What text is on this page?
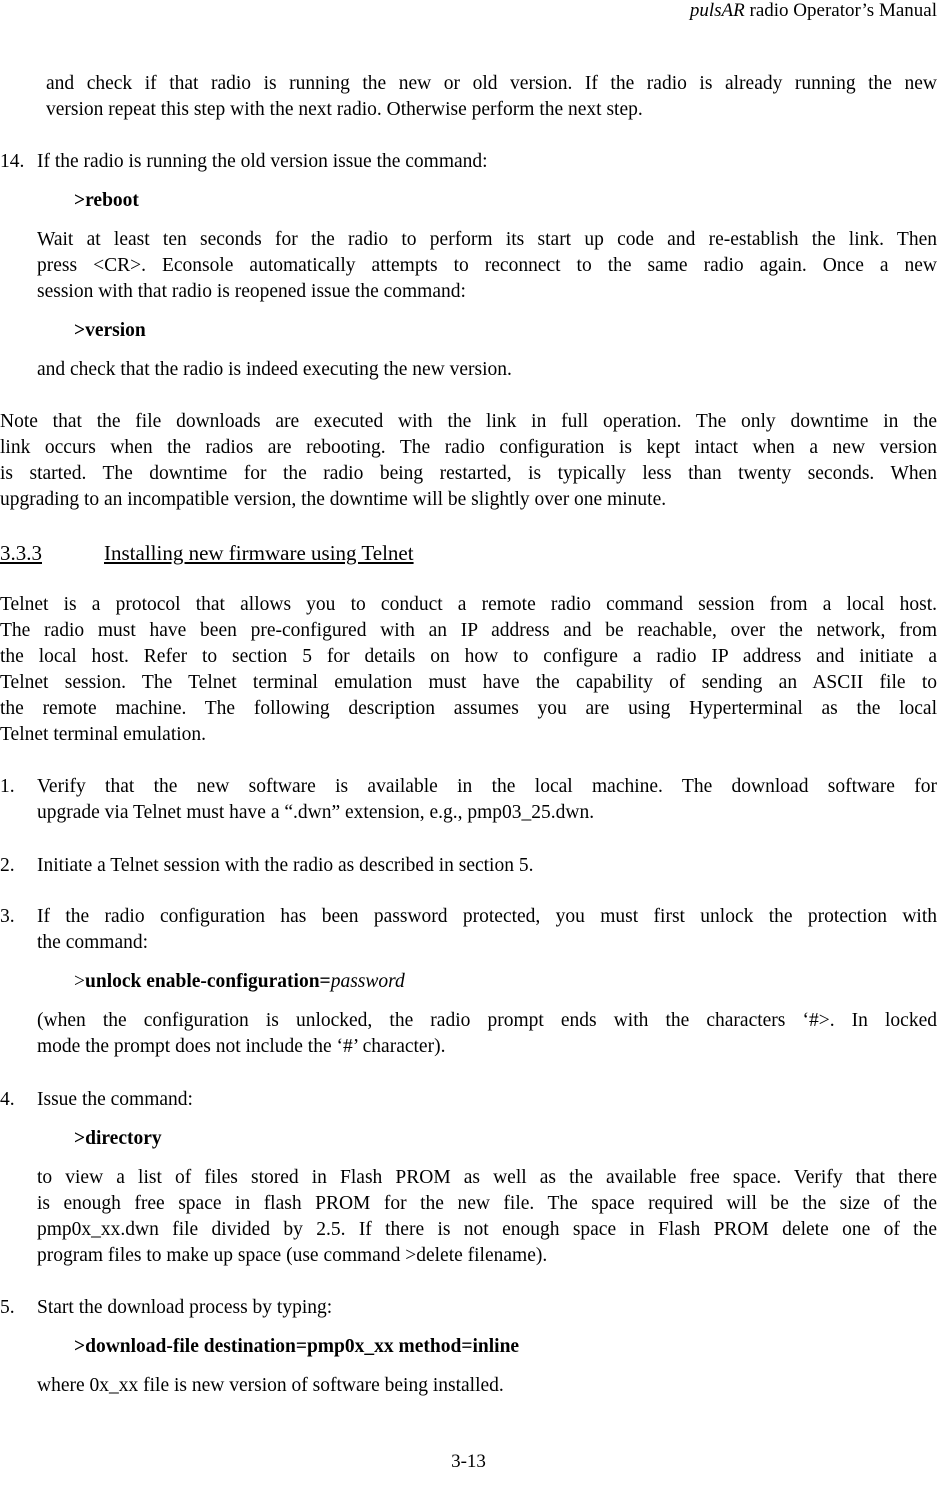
pulsAR radio Operator’s Manual
and check if that radio is running the new or old version. If the radio is already running the new
version repeat this step with the next radio. Otherwise perform the next step.
14. If the radio is running the old version issue the command:
>reboot
Wait at least ten seconds for the radio to perform its start up code and re-establish the link. Then
press <CR>. Econsole automatically attempts to reconnect to the same radio again. Once a new
session with that radio is reopened issue the command:
>version
and check that the radio is indeed executing the new version.
Note that the file downloads are executed with the link in full operation. The only downtime in the
link occurs when the radios are rebooting. The radio configuration is kept intact when a new version
is started. The downtime for the radio being restarted, is typically less than twenty seconds. When
upgrading to an incompatible version, the downtime will be slightly over one minute.
3.3.3	Installing new firmware using Telnet
Telnet is a protocol that allows you to conduct a remote radio command session from a local host.
The radio must have been pre-configured with an IP address and be reachable, over the network, from
the local host. Refer to section 5 for details on how to configure a radio IP address and initiate a
Telnet session. The Telnet terminal emulation must have the capability of sending an ASCII file to
the remote machine. The following description assumes you are using Hyperterminal as the local
Telnet terminal emulation.
1. Verify that the new software is available in the local machine. The download software for
upgrade via Telnet must have a “.dwn” extension, e.g., pmp03_25.dwn.
2. Initiate a Telnet session with the radio as described in section 5.
3. If the radio configuration has been password protected, you must first unlock the protection with
the command:
>unlock enable-configuration=password
(when the configuration is unlocked, the radio prompt ends with the characters ‘#>. In locked
mode the prompt does not include the ‘#’ character).
4. Issue the command:
>directory
to view a list of files stored in Flash PROM as well as the available free space. Verify that there
is enough free space in flash PROM for the new file. The space required will be the size of the
pmp0x_xx.dwn file divided by 2.5. If there is not enough space in Flash PROM delete one of the
program files to make up space (use command >delete filename).
5. Start the download process by typing:
>download-file destination=pmp0x_xx method=inline
where 0x_xx file is new version of software being installed.
3-13
